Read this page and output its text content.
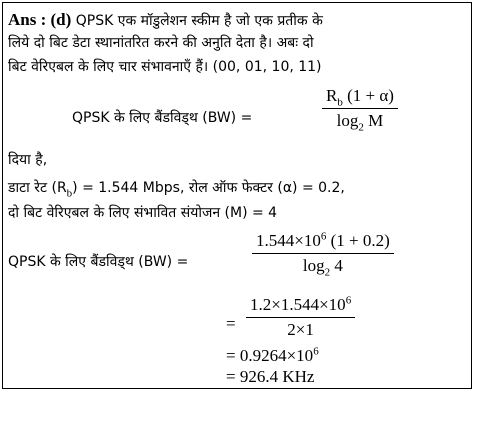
Ans : (d) QPSK एक मॉडुलेशन स्कीम है जो एक प्रतीक के
लिये दो बिट डेटा स्थानांतरित करने की अनुति देता है। अबः दो
बिट वेरिएबल के लिए चार संभावनाएँ हैं। (00, 01, 10, 11)
QPSK के लिए बैंडविड्थ (BW) =	$\frac{R_b (1 + \alpha)}{\log_2 M}$
दिया है,
डाटा रेट $(R_b) = 1.544$ Mbps, रोल ऑफ फेक्टर (α) = 0.2,
दो बिट वेरिएबल के लिए संभावित संयोजन (M) = 4
QPSK के लिए बैंडविड्थ (BW) =	$\frac{1.544\times 10^6 (1 + 0.2)}{\log_2 4}$
= $\frac{1.2\times 1.544\times 10^6}{2\times 1}$
= $0.9264\times 10^6$
= 926.4 KHz
